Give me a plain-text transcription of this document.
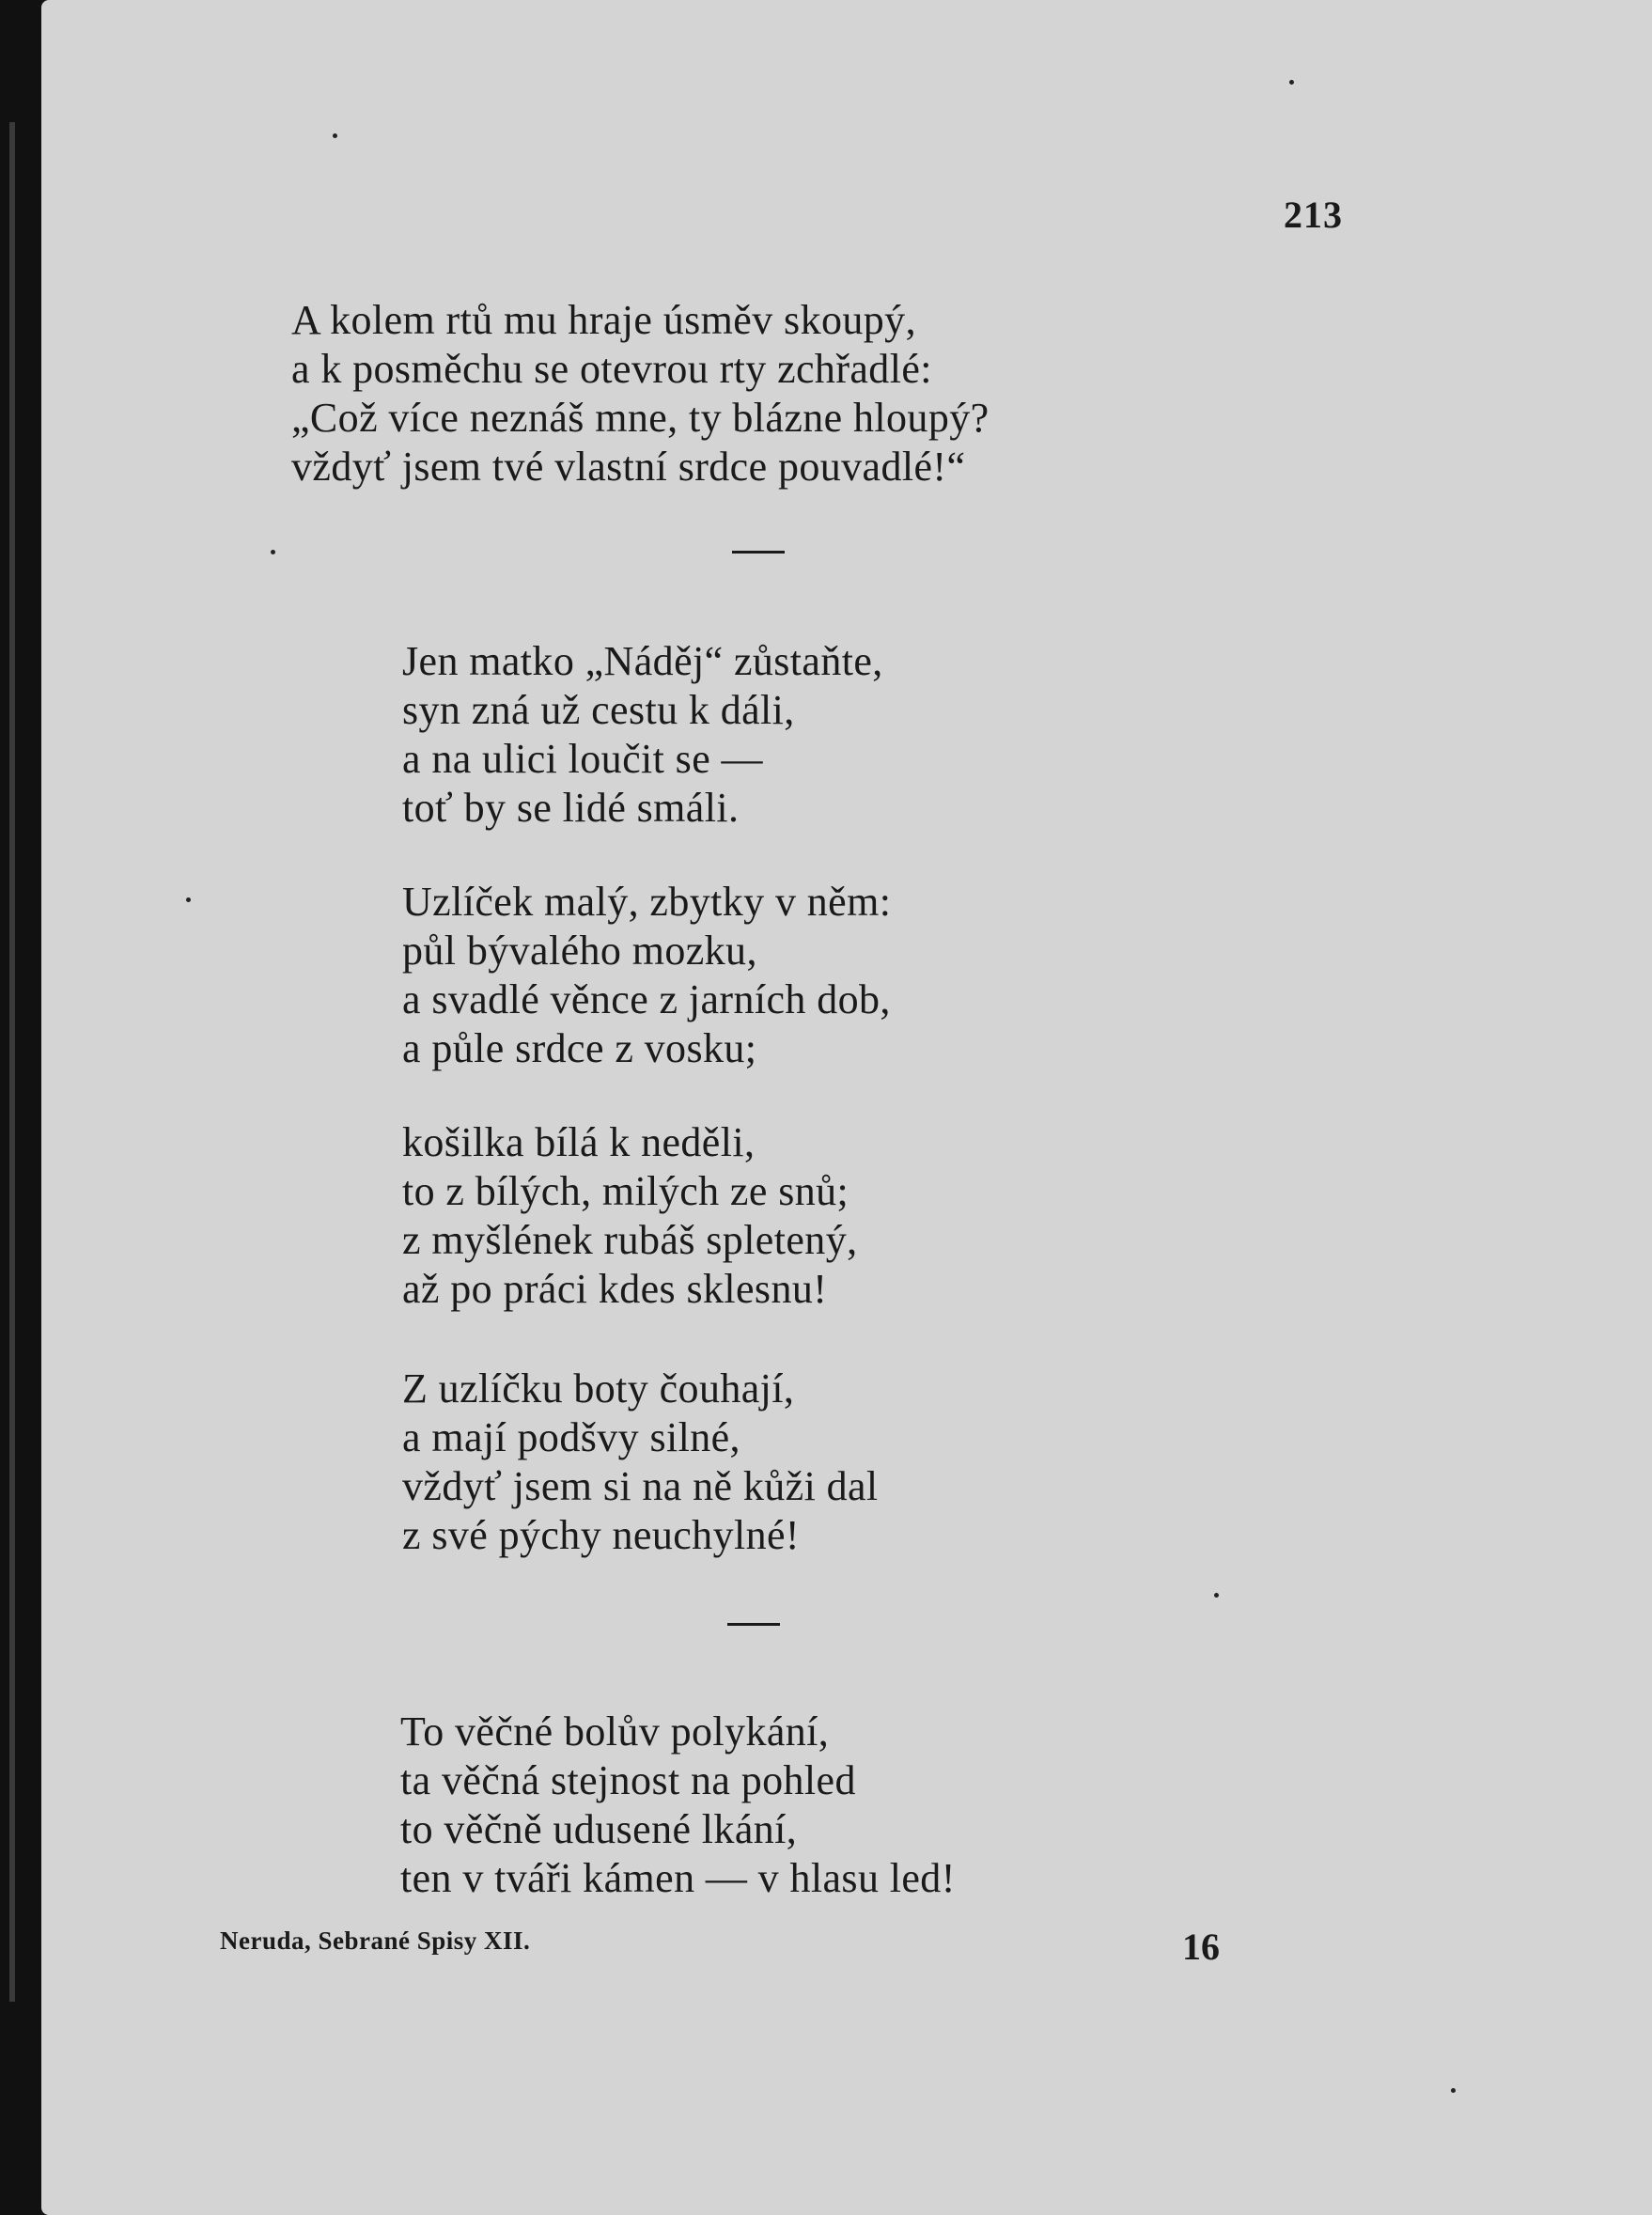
213
A kolem rtů mu hraje úsměv skoupý,
a k posměchu se otevrou rty zchřadlé:
„Což více neznáš mne, ty blázne hloupý?
vždyť jsem tvé vlastní srdce pouvadlé!“
Jen matko „Náděj“ zůstaňte,
syn zná už cestu k dáli,
a na ulici loučit se —
toť by se lidé smáli.
Uzlíček malý, zbytky v něm:
půl bývalého mozku,
a svadlé věnce z jarních dob,
a půle srdce z vosku;
košilka bílá k neděli,
to z bílých, milých ze snů;
z myšlének rubáš spletený,
až po práci kdes sklesnu!
Z uzlíčku boty čouhají,
a mají podšvy silné,
vždyť jsem si na ně kůži dal
z své pýchy neuchylné!
To věčné bolův polykání,
ta věčná stejnost na pohled
to věčně udusené lkání,
ten v tváři kámen — v hlasu led!
Neruda, Sebrané Spisy XII.	16
